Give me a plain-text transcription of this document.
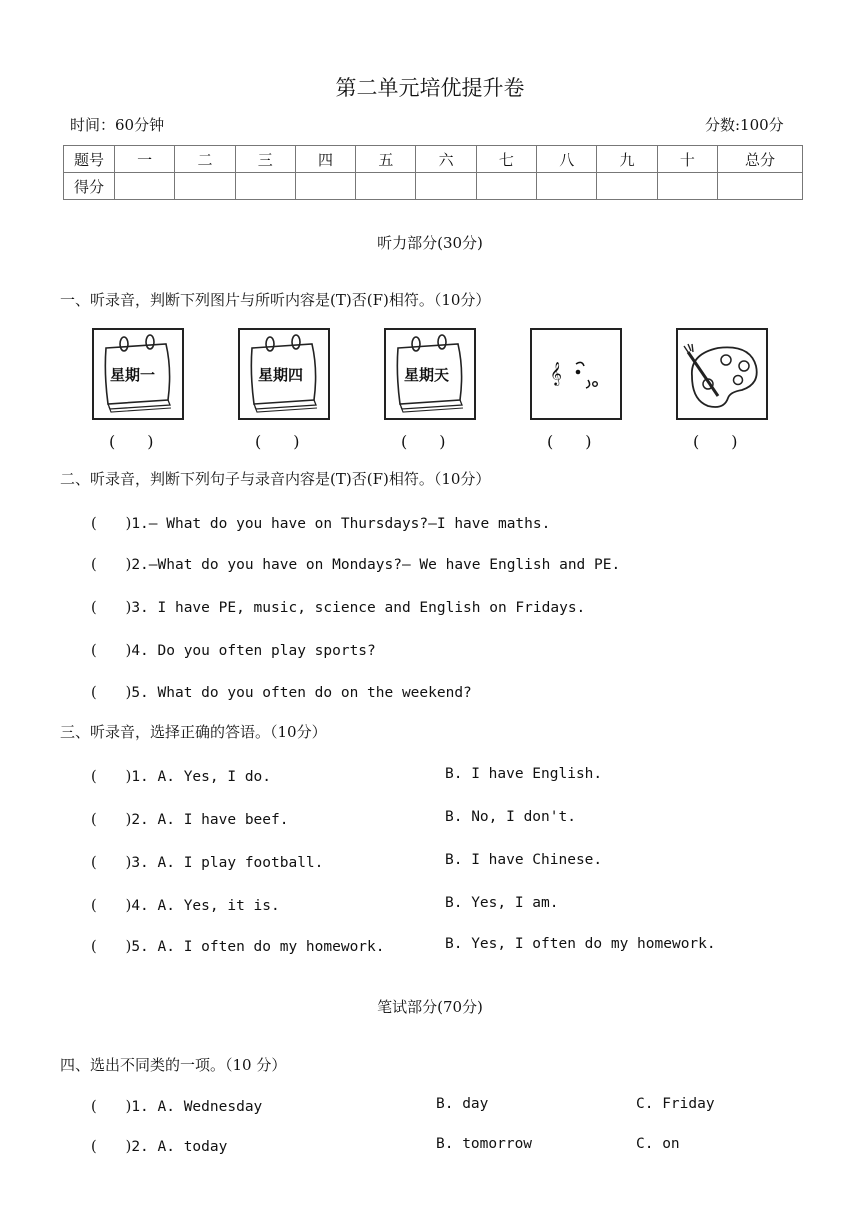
第二单元培优提升卷
时间：60分钟	分数:100分
题号	一	二	三	四	五	六	七	八	九	十	总分
得分											
听力部分(30分)
一、听录音，判断下列图片与所听内容是(T)否(F)相符。（10分）
星期一	星期四	星期天	𝄞
(　　)	(　　)	(　　)	(　　)	(　　)
二、听录音，判断下列句子与录音内容是(T)否(F)相符。（10分）
(　　)1.— What do you have on Thursdays?—I have maths.
(　　)2.—What do you have on Mondays?— We have English and PE.
(　　)3. I have PE, music, science and English on Fridays.
(　　)4. Do you often play sports?
(　　)5. What do you often do on the weekend?
三、听录音，选择正确的答语。（10分）
(　　)1. A. Yes, I do.	B. I have English.
(　　)2. A. I have beef.	B. No, I don't.
(　　)3. A. I play football.	B. I have Chinese.
(　　)4. A. Yes, it is.	B. Yes, I am.
(　　)5. A. I often do my homework.	B. Yes, I often do my homework.
笔试部分(70分)
四、选出不同类的一项。（10 分）
(　　)1. A. Wednesday	B. day	C. Friday
(　　)2. A. today	B. tomorrow	C. on
